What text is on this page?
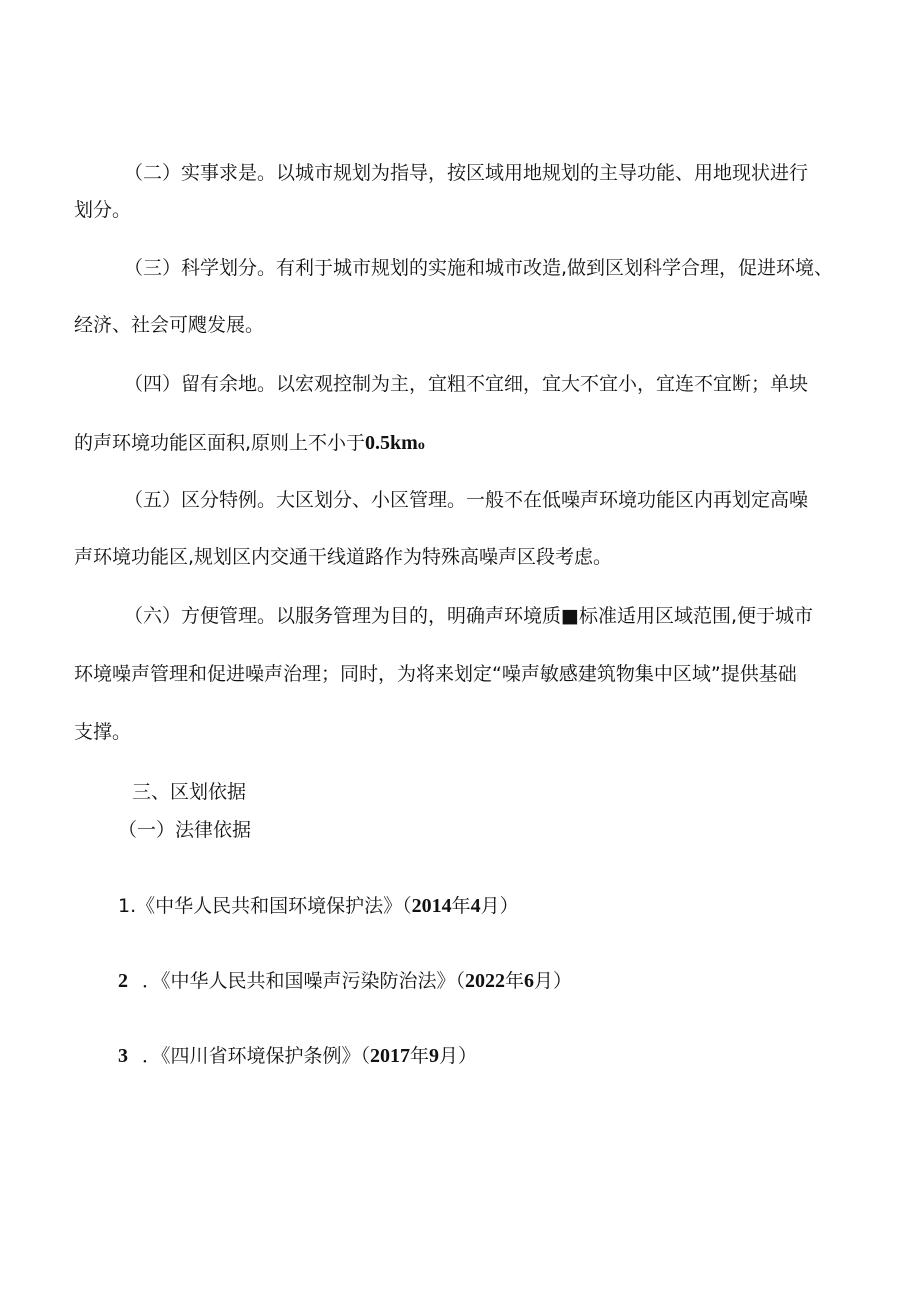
（二）实事求是。以城市规划为指导，按区域用地规划的主导功能、用地现状进行
划分。
（三）科学划分。有利于城市规划的实施和城市改造,做到区划科学合理，促进环境、
经济、社会可飕发展。
（四）留有余地。以宏观控制为主，宜粗不宜细，宜大不宜小，宜连不宜断；单块
的声环境功能区面积,原则上不小于0.5kmo
（五）区分特例。大区划分、小区管理。一般不在低噪声环境功能区内再划定高噪
声环境功能区,规划区内交通干线道路作为特殊高噪声区段考虑。
（六）方便管理。以服务管理为目的，明确声环境质■标准适用区域范围,便于城市
环境噪声管理和促进噪声治理；同时，为将来划定“噪声敏感建筑物集中区域”提供基础
支撑。
三、区划依据
（一）法律依据
1.《中华人民共和国环境保护法》（2014年4月）
2 ．《中华人民共和国噪声污染防治法》（2022年6月）
3 ．《四川省环境保护条例》（2017年9月）
